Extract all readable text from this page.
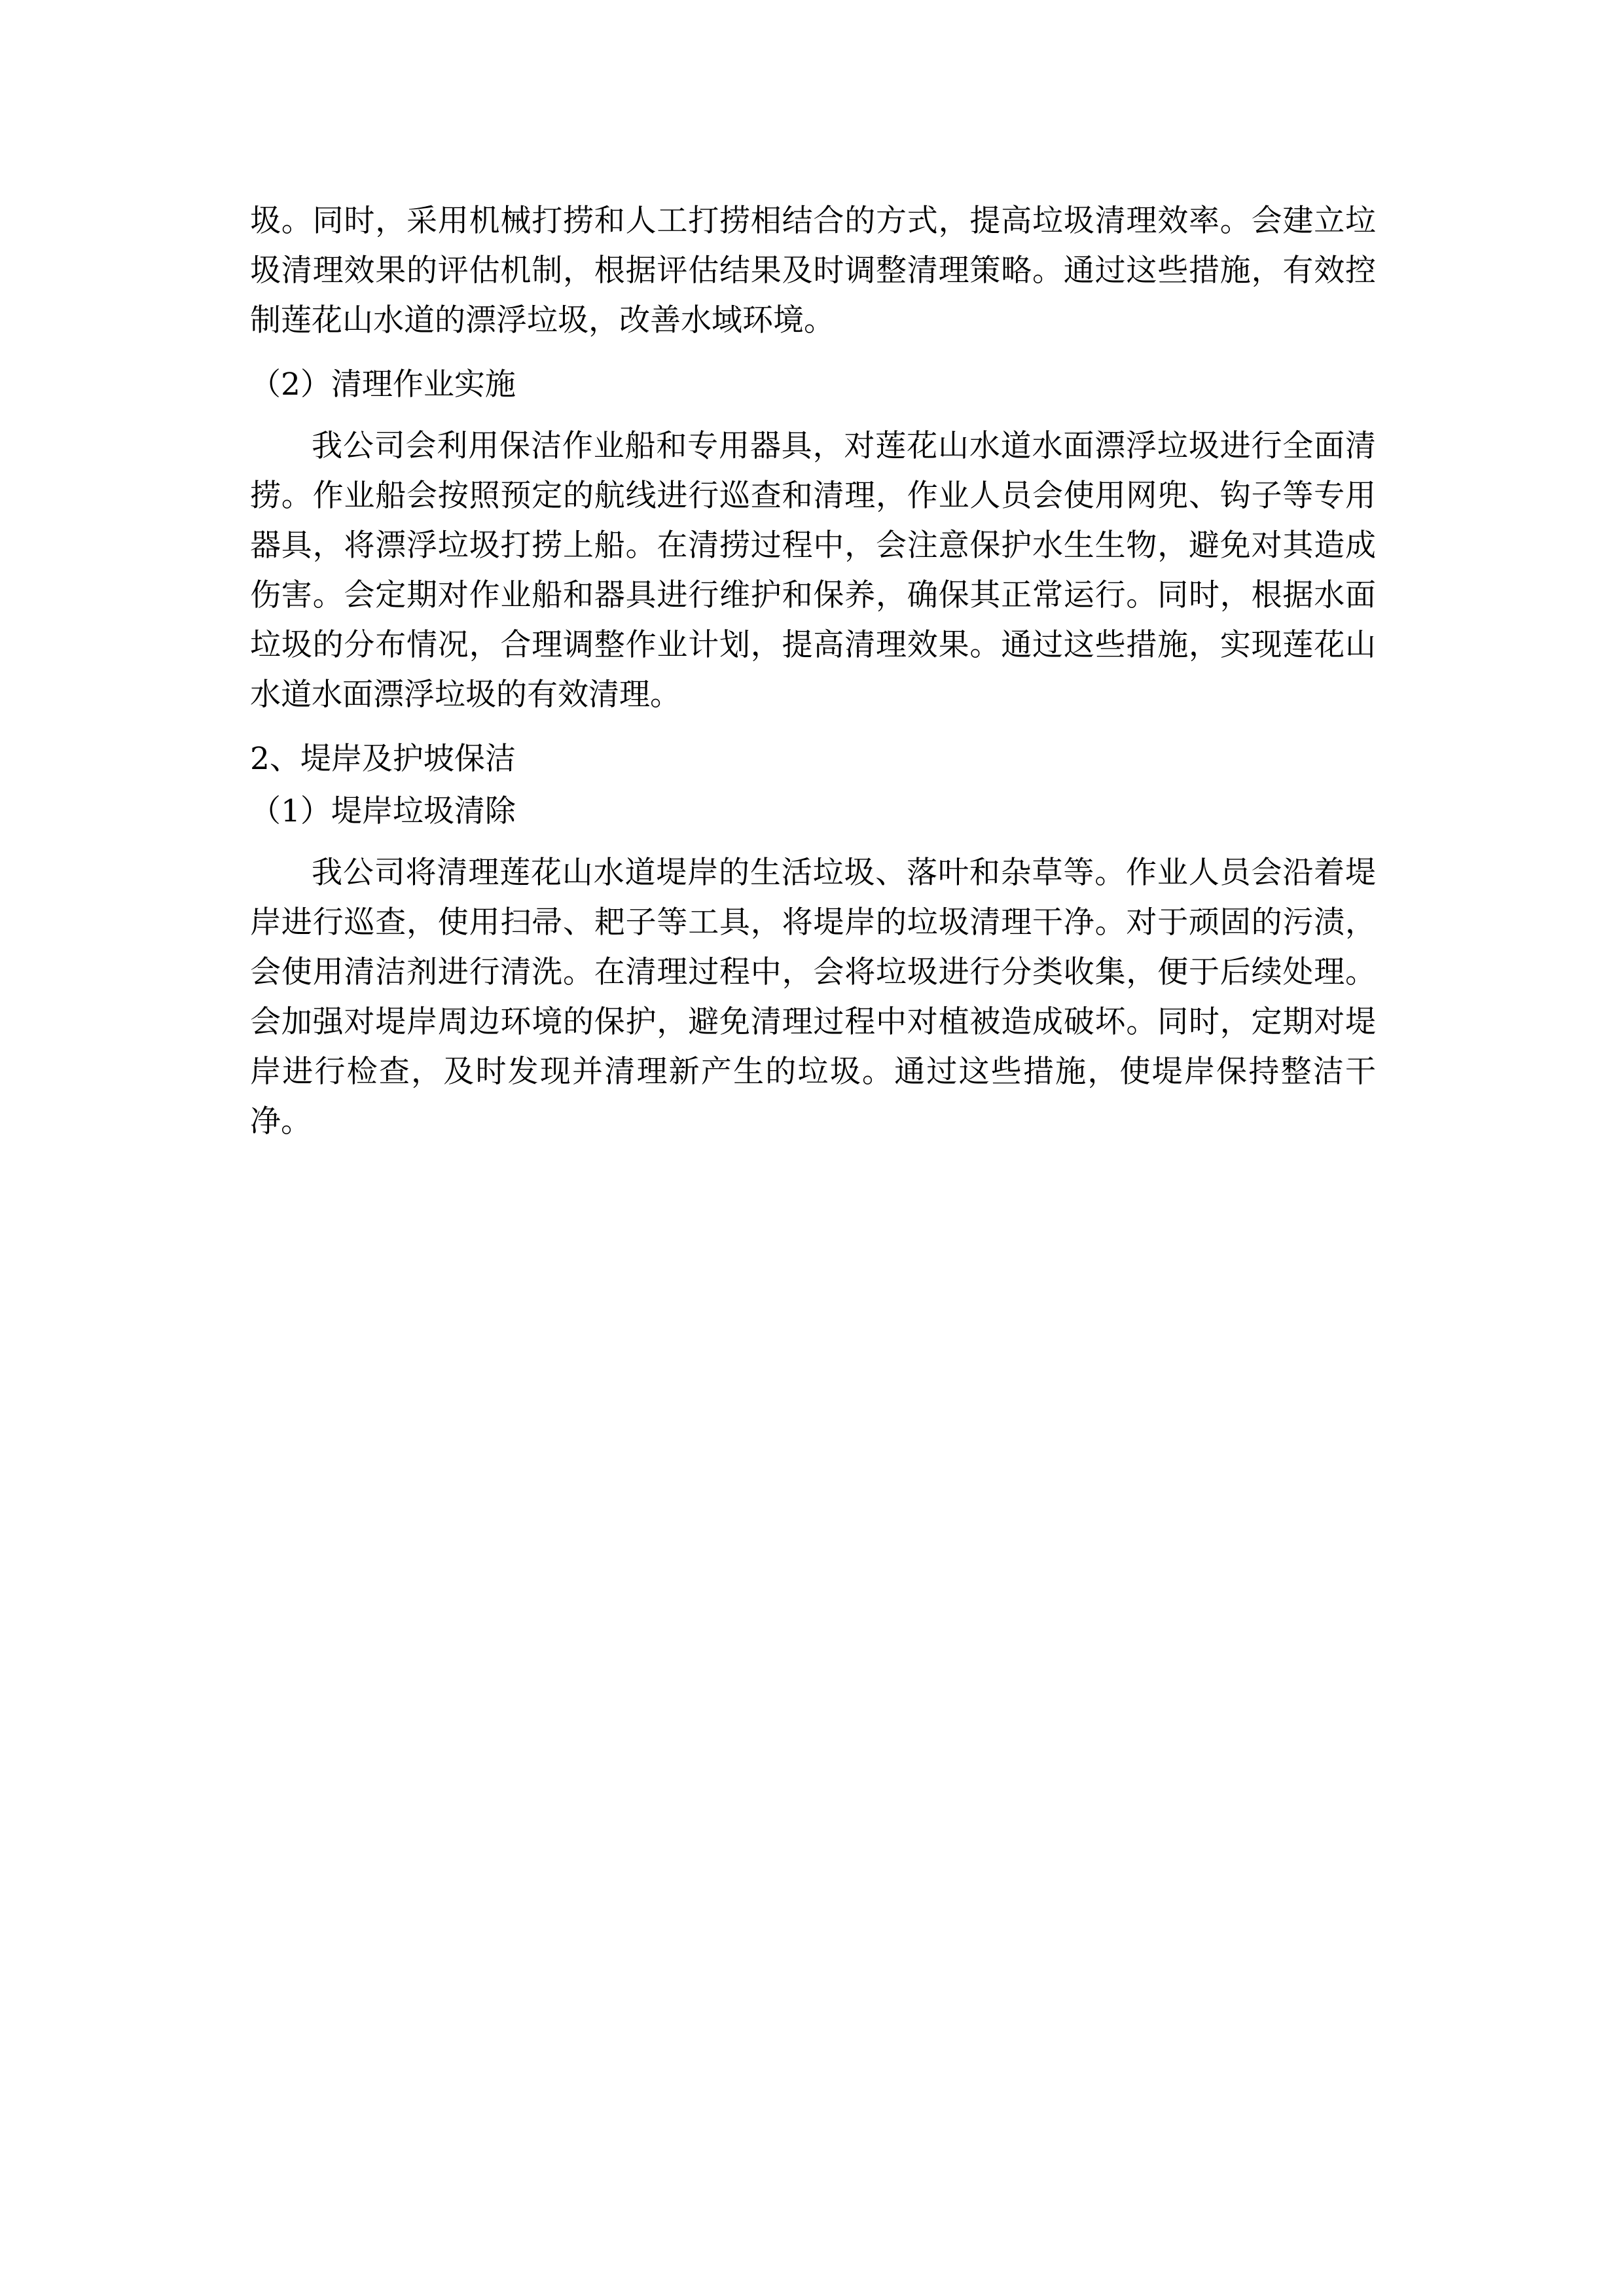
圾。同时，采用机械打捞和人工打捞相结合的方式，提高垃圾清理效率。会建立垃圾清理效果的评估机制，根据评估结果及时调整清理策略。通过这些措施，有效控制莲花山水道的漂浮垃圾，改善水域环境。

（2）清理作业实施

我公司会利用保洁作业船和专用器具，对莲花山水道水面漂浮垃圾进行全面清捞。作业船会按照预定的航线进行巡查和清理，作业人员会使用网兜、钩子等专用器具，将漂浮垃圾打捞上船。在清捞过程中，会注意保护水生生物，避免对其造成伤害。会定期对作业船和器具进行维护和保养，确保其正常运行。同时，根据水面垃圾的分布情况，合理调整作业计划，提高清理效果。通过这些措施，实现莲花山水道水面漂浮垃圾的有效清理。

2、堤岸及护坡保洁

（1）堤岸垃圾清除

我公司将清理莲花山水道堤岸的生活垃圾、落叶和杂草等。作业人员会沿着堤岸进行巡查，使用扫帚、耙子等工具，将堤岸的垃圾清理干净。对于顽固的污渍，会使用清洁剂进行清洗。在清理过程中，会将垃圾进行分类收集，便于后续处理。会加强对堤岸周边环境的保护，避免清理过程中对植被造成破坏。同时，定期对堤岸进行检查，及时发现并清理新产生的垃圾。通过这些措施，使堤岸保持整洁干净。
